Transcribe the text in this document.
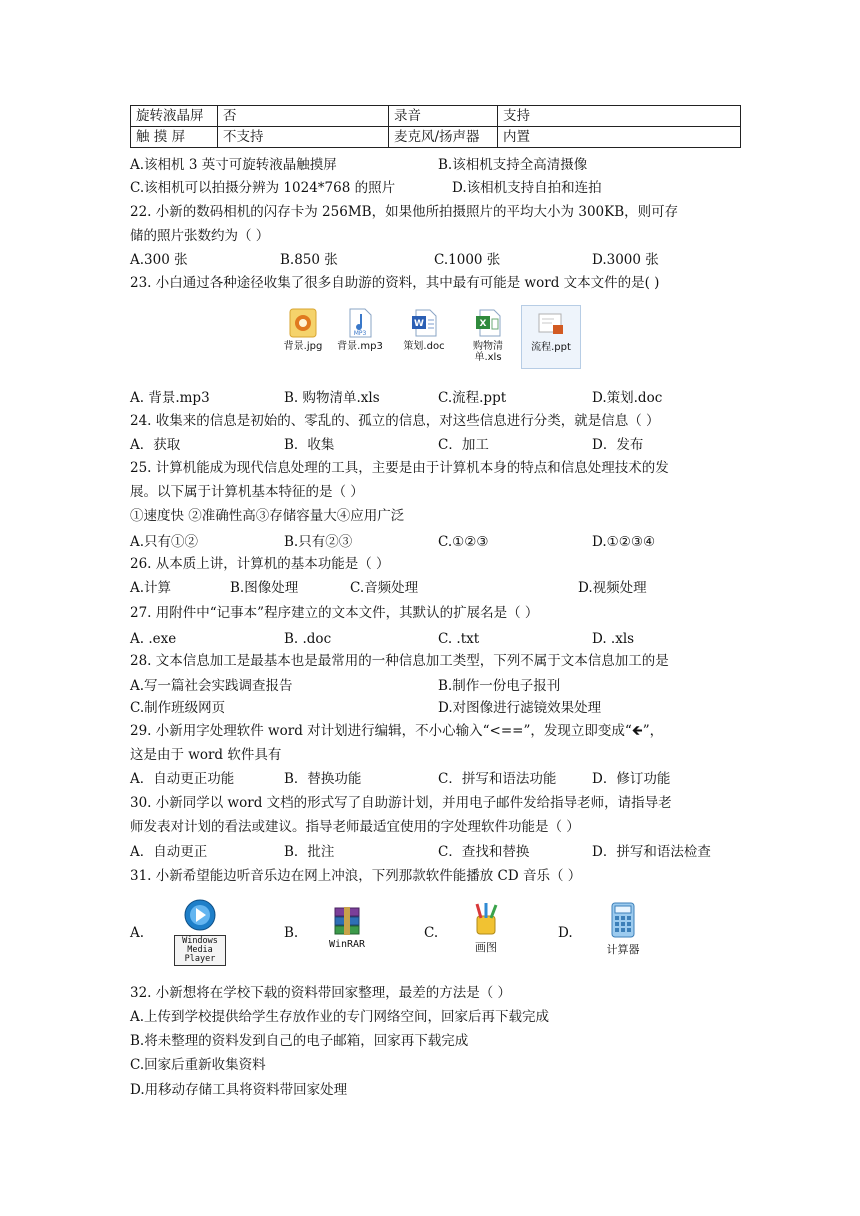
旋转液晶屏	否	录音	支持
触 摸 屏	不支持	麦克风/扬声器	内置
A.该相机 3 英寸可旋转液晶触摸屏	B.该相机支持全高清摄像
C.该相机可以拍摄分辨为 1024*768 的照片	D.该相机支持自拍和连拍
22. 小新的数码相机的闪存卡为 256MB，如果他所拍摄照片的平均大小为 300KB，则可存
储的照片张数约为（ ）
A.300 张	B.850 张	C.1000 张	D.3000 张
23. 小白通过各种途径收集了很多自助游的资料，其中最有可能是 word 文本文件的是( )
背景.jpg
MP3
背景.mp3
W
策划.doc
X
购物清单.xls
流程.ppt
A. 背景.mp3	B. 购物清单.xls	C.流程.ppt	D.策划.doc
24. 收集来的信息是初始的、零乱的、孤立的信息，对这些信息进行分类，就是信息（ ）
A．获取	B．收集	C．加工	D．发布
25. 计算机能成为现代信息处理的工具，主要是由于计算机本身的特点和信息处理技术的发
展。以下属于计算机基本特征的是（ ）
①速度快 ②准确性高③存储容量大④应用广泛
A.只有①②	B.只有②③	C.①②③	D.①②③④
26. 从本质上讲，计算机的基本功能是（ ）
A.计算	B.图像处理	C.音频处理	D.视频处理
27. 用附件中“记事本”程序建立的文本文件，其默认的扩展名是（ ）
A. .exe	B. .doc	C. .txt	D. .xls
28. 文本信息加工是最基本也是最常用的一种信息加工类型，下列不属于文本信息加工的是
A.写一篇社会实践调查报告	B.制作一份电子报刊
C.制作班级网页	D.对图像进行滤镜效果处理
29. 小新用字处理软件 word 对计划进行编辑，不小心输入“<==”，发现立即变成“🡸”，
这是由于 word 软件具有
A．自动更正功能	B．替换功能	C．拼写和语法功能	D．修订功能
30. 小新同学以 word 文档的形式写了自助游计划，并用电子邮件发给指导老师，请指导老
师发表对计划的看法或建议。指导老师最适宜使用的字处理软件功能是（ ）
A．自动更正	B．批注	C．查找和替换	D．拼写和语法检查
31. 小新希望能边听音乐边在网上冲浪，下列那款软件能播放 CD 音乐（ ）
A.	Windows Media Player
B.
WinRAR
C.
画图
D.
计算器
32. 小新想将在学校下载的资料带回家整理，最差的方法是（ ）
A.上传到学校提供给学生存放作业的专门网络空间，回家后再下载完成
B.将未整理的资料发到自己的电子邮箱，回家再下载完成
C.回家后重新收集资料
D.用移动存储工具将资料带回家处理
